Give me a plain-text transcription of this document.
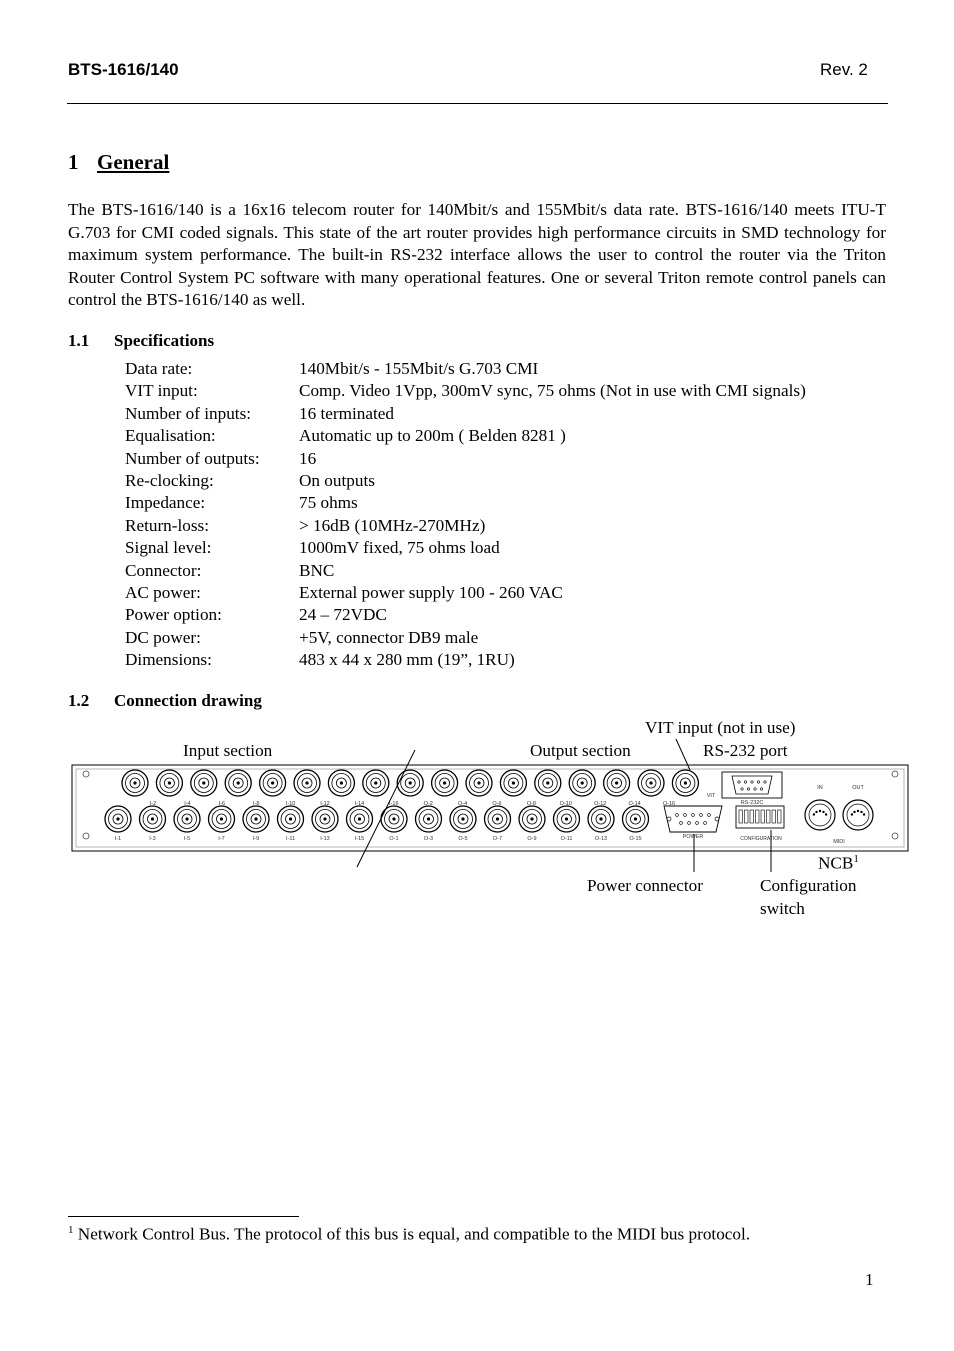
BTS-1616/140	Rev. 2
1 General

The BTS-1616/140 is a 16x16 telecom router for 140Mbit/s and 155Mbit/s data rate. BTS-1616/140 meets ITU-T G.703 for CMI coded signals. This state of the art router provides high performance circuits in SMD technology for maximum system performance. The built-in RS-232 interface allows the user to control the router via the Triton Router Control System PC software with many operational features. One or several Triton remote control panels can control the BTS-1616/140 as well.

1.1 Specifications
Data rate:	140Mbit/s - 155Mbit/s G.703 CMI
VIT input:	Comp. Video 1Vpp, 300mV sync, 75 ohms (Not in use with CMI signals)
Number of inputs:	16 terminated
Equalisation:	Automatic up to 200m ( Belden 8281 )
Number of outputs:	16
Re-clocking:	On outputs
Impedance:	75 ohms
Return-loss:	> 16dB (10MHz-270MHz)
Signal level:	1000mV fixed, 75 ohms load
Connector:	BNC
AC power:	External power supply 100 - 260 VAC
Power option:	24 – 72VDC
DC power:	+5V, connector DB9 male
Dimensions:	483 x 44 x 280 mm (19”, 1RU)
1.2 Connection drawing
VIT input (not in use)
Input section	Output section	RS-232 port
NCB$^1$
Power connector	Configuration
switch
I-2	I-4	I-6	I-8	I-10	I-12	I-14	I-16	O-2	O-4	O-6	O-8	O-10	O-12	O-14	O-16
I-1	I-3	I-5	I-7	I-9	I-11	I-13	I-15	O-1	O-3	O-5	O-7	O-9	O-11	O-13	O-15
VIT
POWER
RS-232C
CONFIGURATION
IN	OUT
MIDI
$^1$ Network Control Bus. The protocol of this bus is equal, and compatible to the MIDI bus protocol.
1
